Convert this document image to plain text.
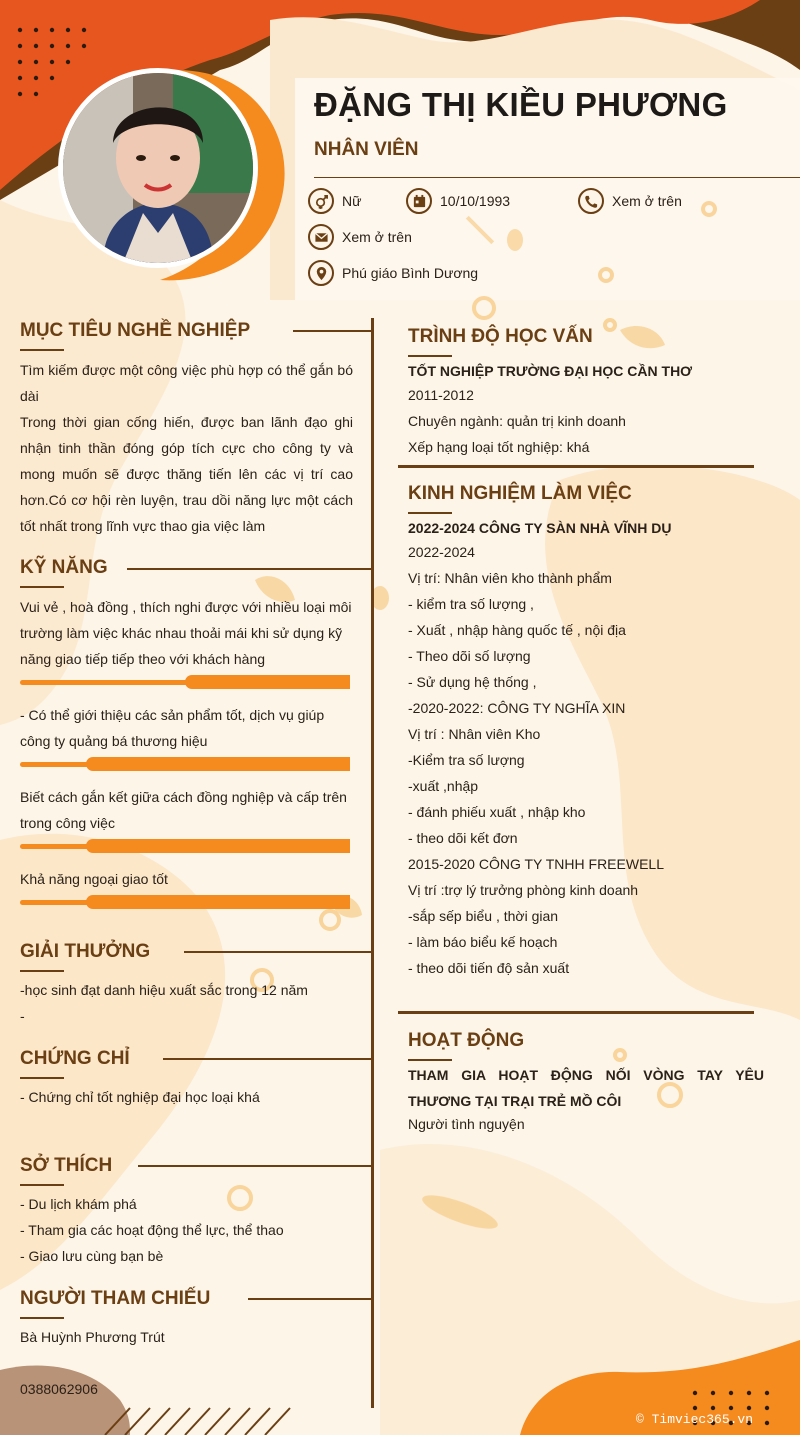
ĐẶNG THỊ KIỀU PHƯƠNG
NHÂN VIÊN
Nữ	10/10/1993	Xem ở trên
Xem ở trên
Phú giáo Bình Dương
MỤC TIÊU NGHỀ NGHIỆP
Tìm kiếm được một công việc phù hợp có thể gắn bó dài
Trong thời gian cống hiến, được ban lãnh đạo ghi nhận tinh thần đóng góp tích cực cho công ty và mong muốn sẽ được thăng tiến lên các vị trí cao hơn.Có cơ hội rèn luyện, trau dồi năng lực một cách tốt nhất trong lĩnh vực thao gia việc làm
KỸ NĂNG
Vui vẻ , hoà đồng , thích nghi được với nhiều loại môi trường làm việc khác nhau thoải mái khi sử dụng kỹ năng giao tiếp tiếp theo với khách hàng
- Có thể giới thiệu các sản phẩm tốt, dịch vụ giúp công ty quảng bá thương hiệu
Biết cách gắn kết giữa cách đồng nghiệp và cấp trên trong công việc
Khả năng ngoại giao tốt
GIẢI THƯỞNG
-học sinh đạt danh hiệu xuất sắc trong 12 năm
-
CHỨNG CHỈ
- Chứng chỉ tốt nghiệp đại học loại khá
SỞ THÍCH
- Du lịch khám phá
- Tham gia các hoạt động thể lực, thể thao
- Giao lưu cùng bạn bè
NGƯỜI THAM CHIẾU
Bà Huỳnh Phương Trút
0388062906
TRÌNH ĐỘ HỌC VẤN
TỐT NGHIỆP TRƯỜNG ĐẠI HỌC CẦN THƠ
2011-2012
Chuyên ngành: quản trị kinh doanh
Xếp hạng loại tốt nghiệp: khá
KINH NGHIỆM LÀM VIỆC
2022-2024 CÔNG TY SÀN NHÀ VĨNH DỤ
2022-2024
Vị trí: Nhân viên kho thành phẩm
- kiểm tra số lượng ,
- Xuất , nhập hàng quốc tế , nội địa
- Theo dõi số lượng
- Sử dụng hệ thống ,
-2020-2022: CÔNG TY NGHĨA XIN
Vị trí : Nhân viên Kho
-Kiểm tra số lượng
-xuất ,nhập
- đánh phiếu xuất , nhập kho
- theo dõi kết đơn
2015-2020 CÔNG TY TNHH FREEWELL
Vị trí :trợ lý trưởng phòng kinh doanh
-sắp sếp biểu , thời gian
- làm báo biểu kế hoạch
- theo dõi tiến độ sản xuất
HOẠT ĐỘNG
THAM GIA HOẠT ĐỘNG NỐI VÒNG TAY YÊU THƯƠNG TẠI TRẠI TRẺ MỒ CÔI
Người tình nguyện
© Timviec365.vn
